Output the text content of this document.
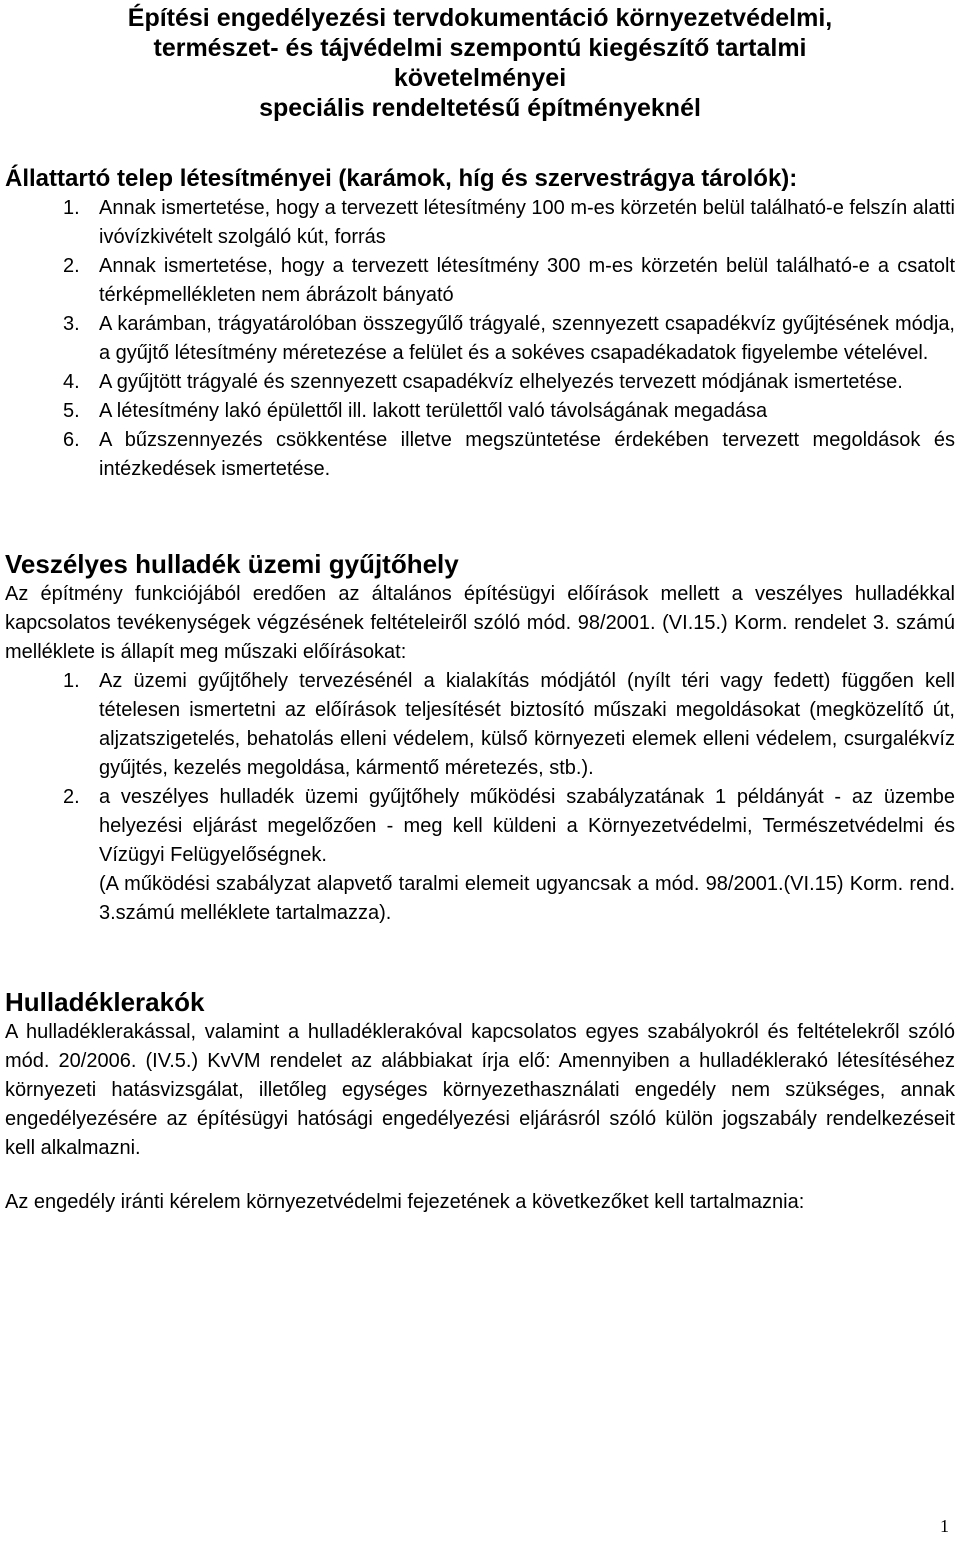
Építési engedélyezési tervdokumentáció környezetvédelmi,
természet- és tájvédelmi szempontú kiegészítő tartalmi
követelményei
speciális rendeltetésű építményeknél

Állattartó telep létesítményei (karámok, híg és szervestrágya tárolók):

1. Annak ismertetése, hogy a tervezett létesítmény 100 m-es körzetén belül található-e felszín alatti ivóvízkivételt szolgáló kút, forrás
2. Annak ismertetése, hogy a tervezett létesítmény 300 m-es körzetén belül található-e a csatolt térképmellékleten nem ábrázolt bányató
3. A karámban, trágyatárolóban összegyűlő trágyalé, szennyezett csapadékvíz gyűjtésének módja, a gyűjtő létesítmény méretezése a felület és a sokéves csapadékadatok figyelembe vételével.
4. A gyűjtött trágyalé és szennyezett csapadékvíz elhelyezés tervezett módjának ismertetése.
5. A létesítmény lakó épülettől ill. lakott területtől való távolságának megadása
6. A bűzszennyezés csökkentése illetve megszüntetése érdekében tervezett megoldások és intézkedések ismertetése.
Veszélyes hulladék üzemi gyűjtőhely

Az építmény funkciójából eredően az általános építésügyi előírások mellett a veszélyes hulladékkal kapcsolatos tevékenységek végzésének feltételeiről szóló mód. 98/2001. (VI.15.) Korm. rendelet 3. számú melléklete is állapít meg műszaki előírásokat:

1. Az üzemi gyűjtőhely tervezésénél a kialakítás módjától (nyílt téri vagy fedett) függően kell tételesen ismertetni az előírások teljesítését biztosító műszaki megoldásokat (megközelítő út, aljzatszigetelés, behatolás elleni védelem, külső környezeti elemek elleni védelem, csurgalékvíz gyűjtés, kezelés megoldása, kármentő méretezés, stb.).
2. a veszélyes hulladék üzemi gyűjtőhely működési szabályzatának 1 példányát - az üzembe helyezési eljárást megelőzően - meg kell küldeni a Környezetvédelmi, Természetvédelmi és Vízügyi Felügyelőségnek.
(A működési szabályzat alapvető taralmi elemeit ugyancsak a mód. 98/2001.(VI.15) Korm. rend. 3.számú melléklete tartalmazza).
Hulladéklerakók

A hulladéklerakással, valamint a hulladéklerakóval kapcsolatos egyes szabályokról és feltételekről szóló mód. 20/2006. (IV.5.) KvVM rendelet az alábbiakat írja elő: Amennyiben a hulladéklerakó létesítéséhez környezeti hatásvizsgálat, illetőleg egységes környezethasználati engedély nem szükséges, annak engedélyezésére az építésügyi hatósági engedélyezési eljárásról szóló külön jogszabály rendelkezéseit kell alkalmazni.

Az engedély iránti kérelem környezetvédelmi fejezetének a következőket kell tartalmaznia:

1
